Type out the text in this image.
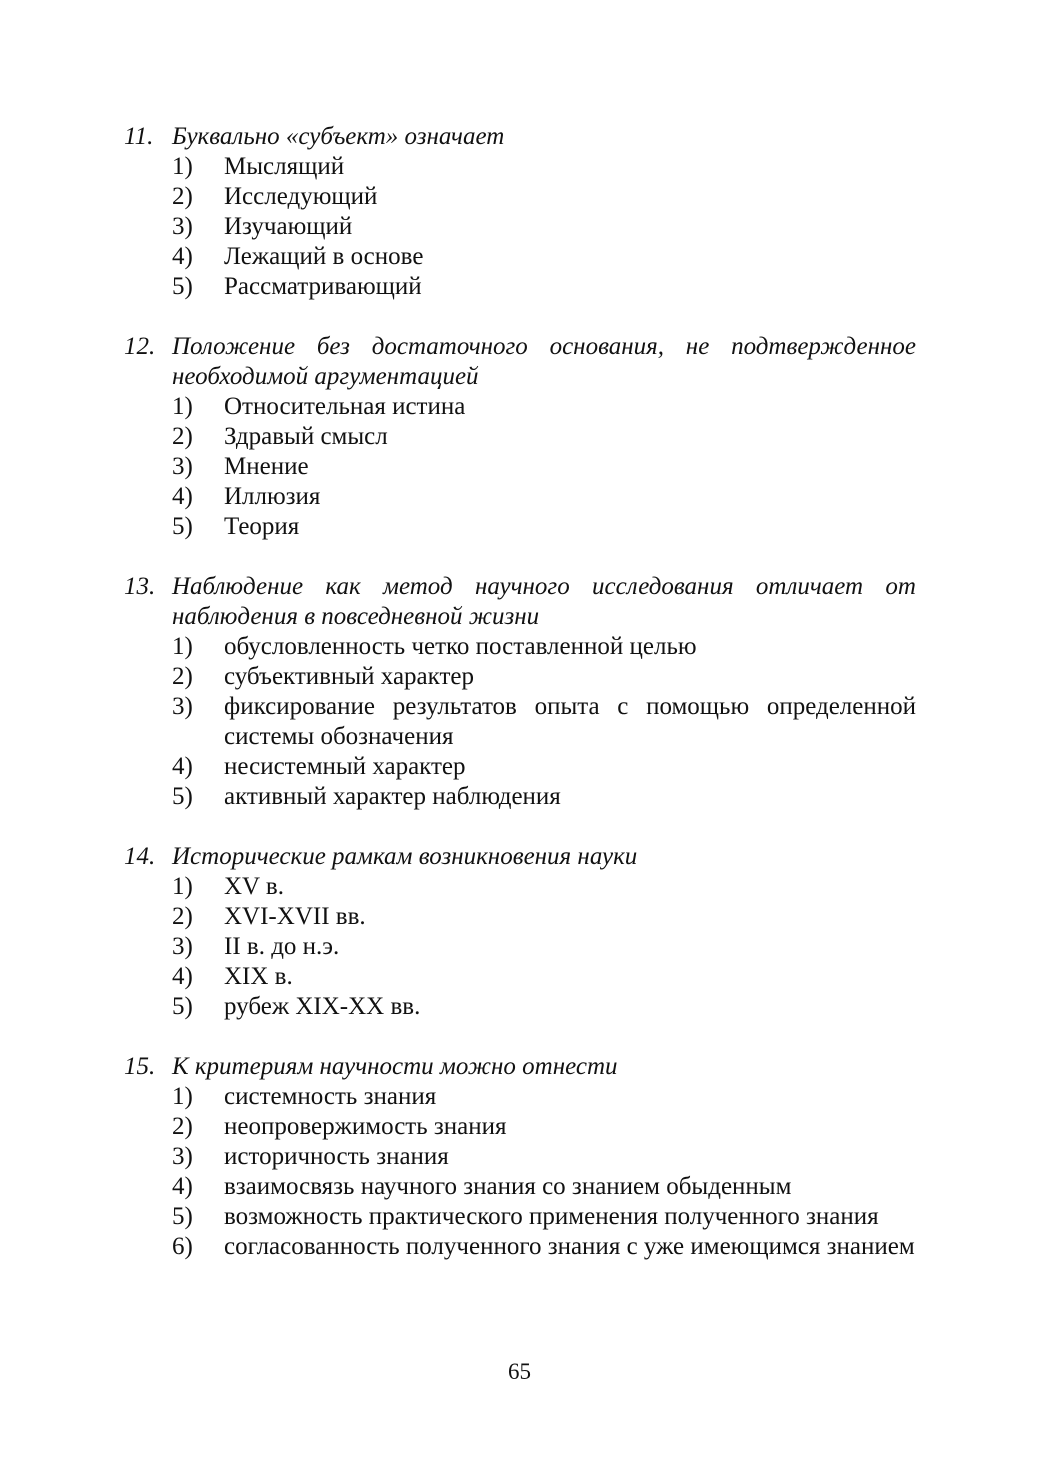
11. Буквально «субъект» означает
1)	Мыслящий
2)	Исследующий
3)	Изучающий
4)	Лежащий в основе
5)	Рассматривающий
12. Положение без достаточного основания, не подтвержденное необходимой аргументацией
1)	Относительная истина
2)	Здравый смысл
3)	Мнение
4)	Иллюзия
5)	Теория
13. Наблюдение как метод научного исследования отличает от наблюдения в повседневной жизни
1)	обусловленность четко поставленной целью
2)	субъективный характер
3)	фиксирование результатов опыта с помощью определенной системы обозначения
4)	несистемный характер
5)	активный характер наблюдения
14. Исторические рамкам возникновения науки
1)	XV в.
2)	XVI-XVII вв.
3)	II в. до н.э.
4)	XIX в.
5)	рубеж XIX-XX вв.
15. К критериям научности можно отнести
1)	системность знания
2)	неопровержимость знания
3)	историчность знания
4)	взаимосвязь научного знания со знанием обыденным
5)	возможность практического применения полученного знания
6)	согласованность полученного знания с уже имеющимся знанием
65
